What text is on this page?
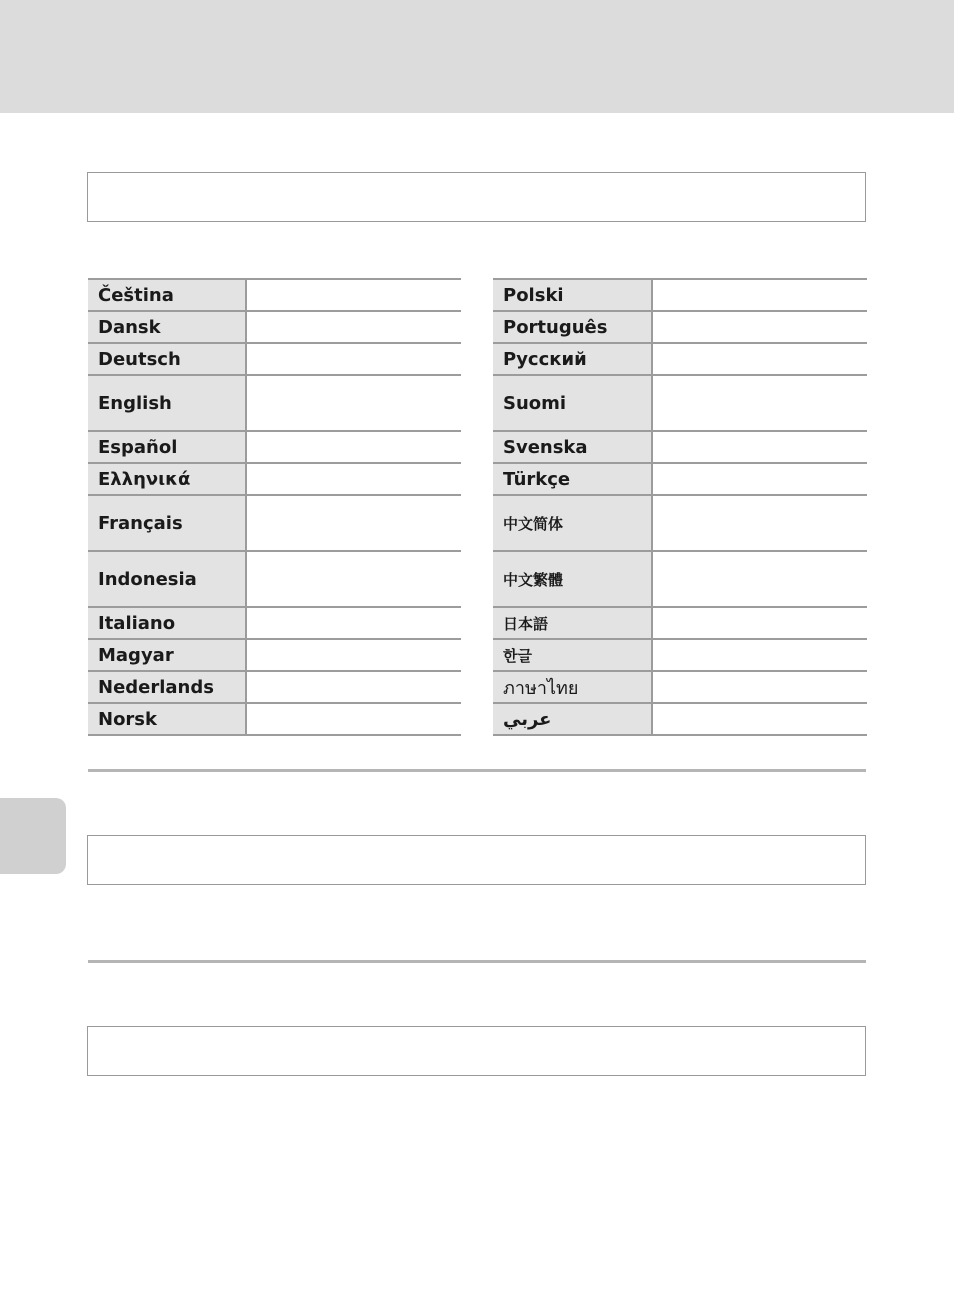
Čeština	
Dansk	
Deutsch	
English	
Español	
Ελληνικά	
Français	
Indonesia	
Italiano	
Magyar	
Nederlands	
Norsk	
Polski	
Português	
Русский	
Suomi	
Svenska	
Türkçe	
中文简体	
中文繁體	
日本語	
한글	
ภาษาไทย	
عربي	
